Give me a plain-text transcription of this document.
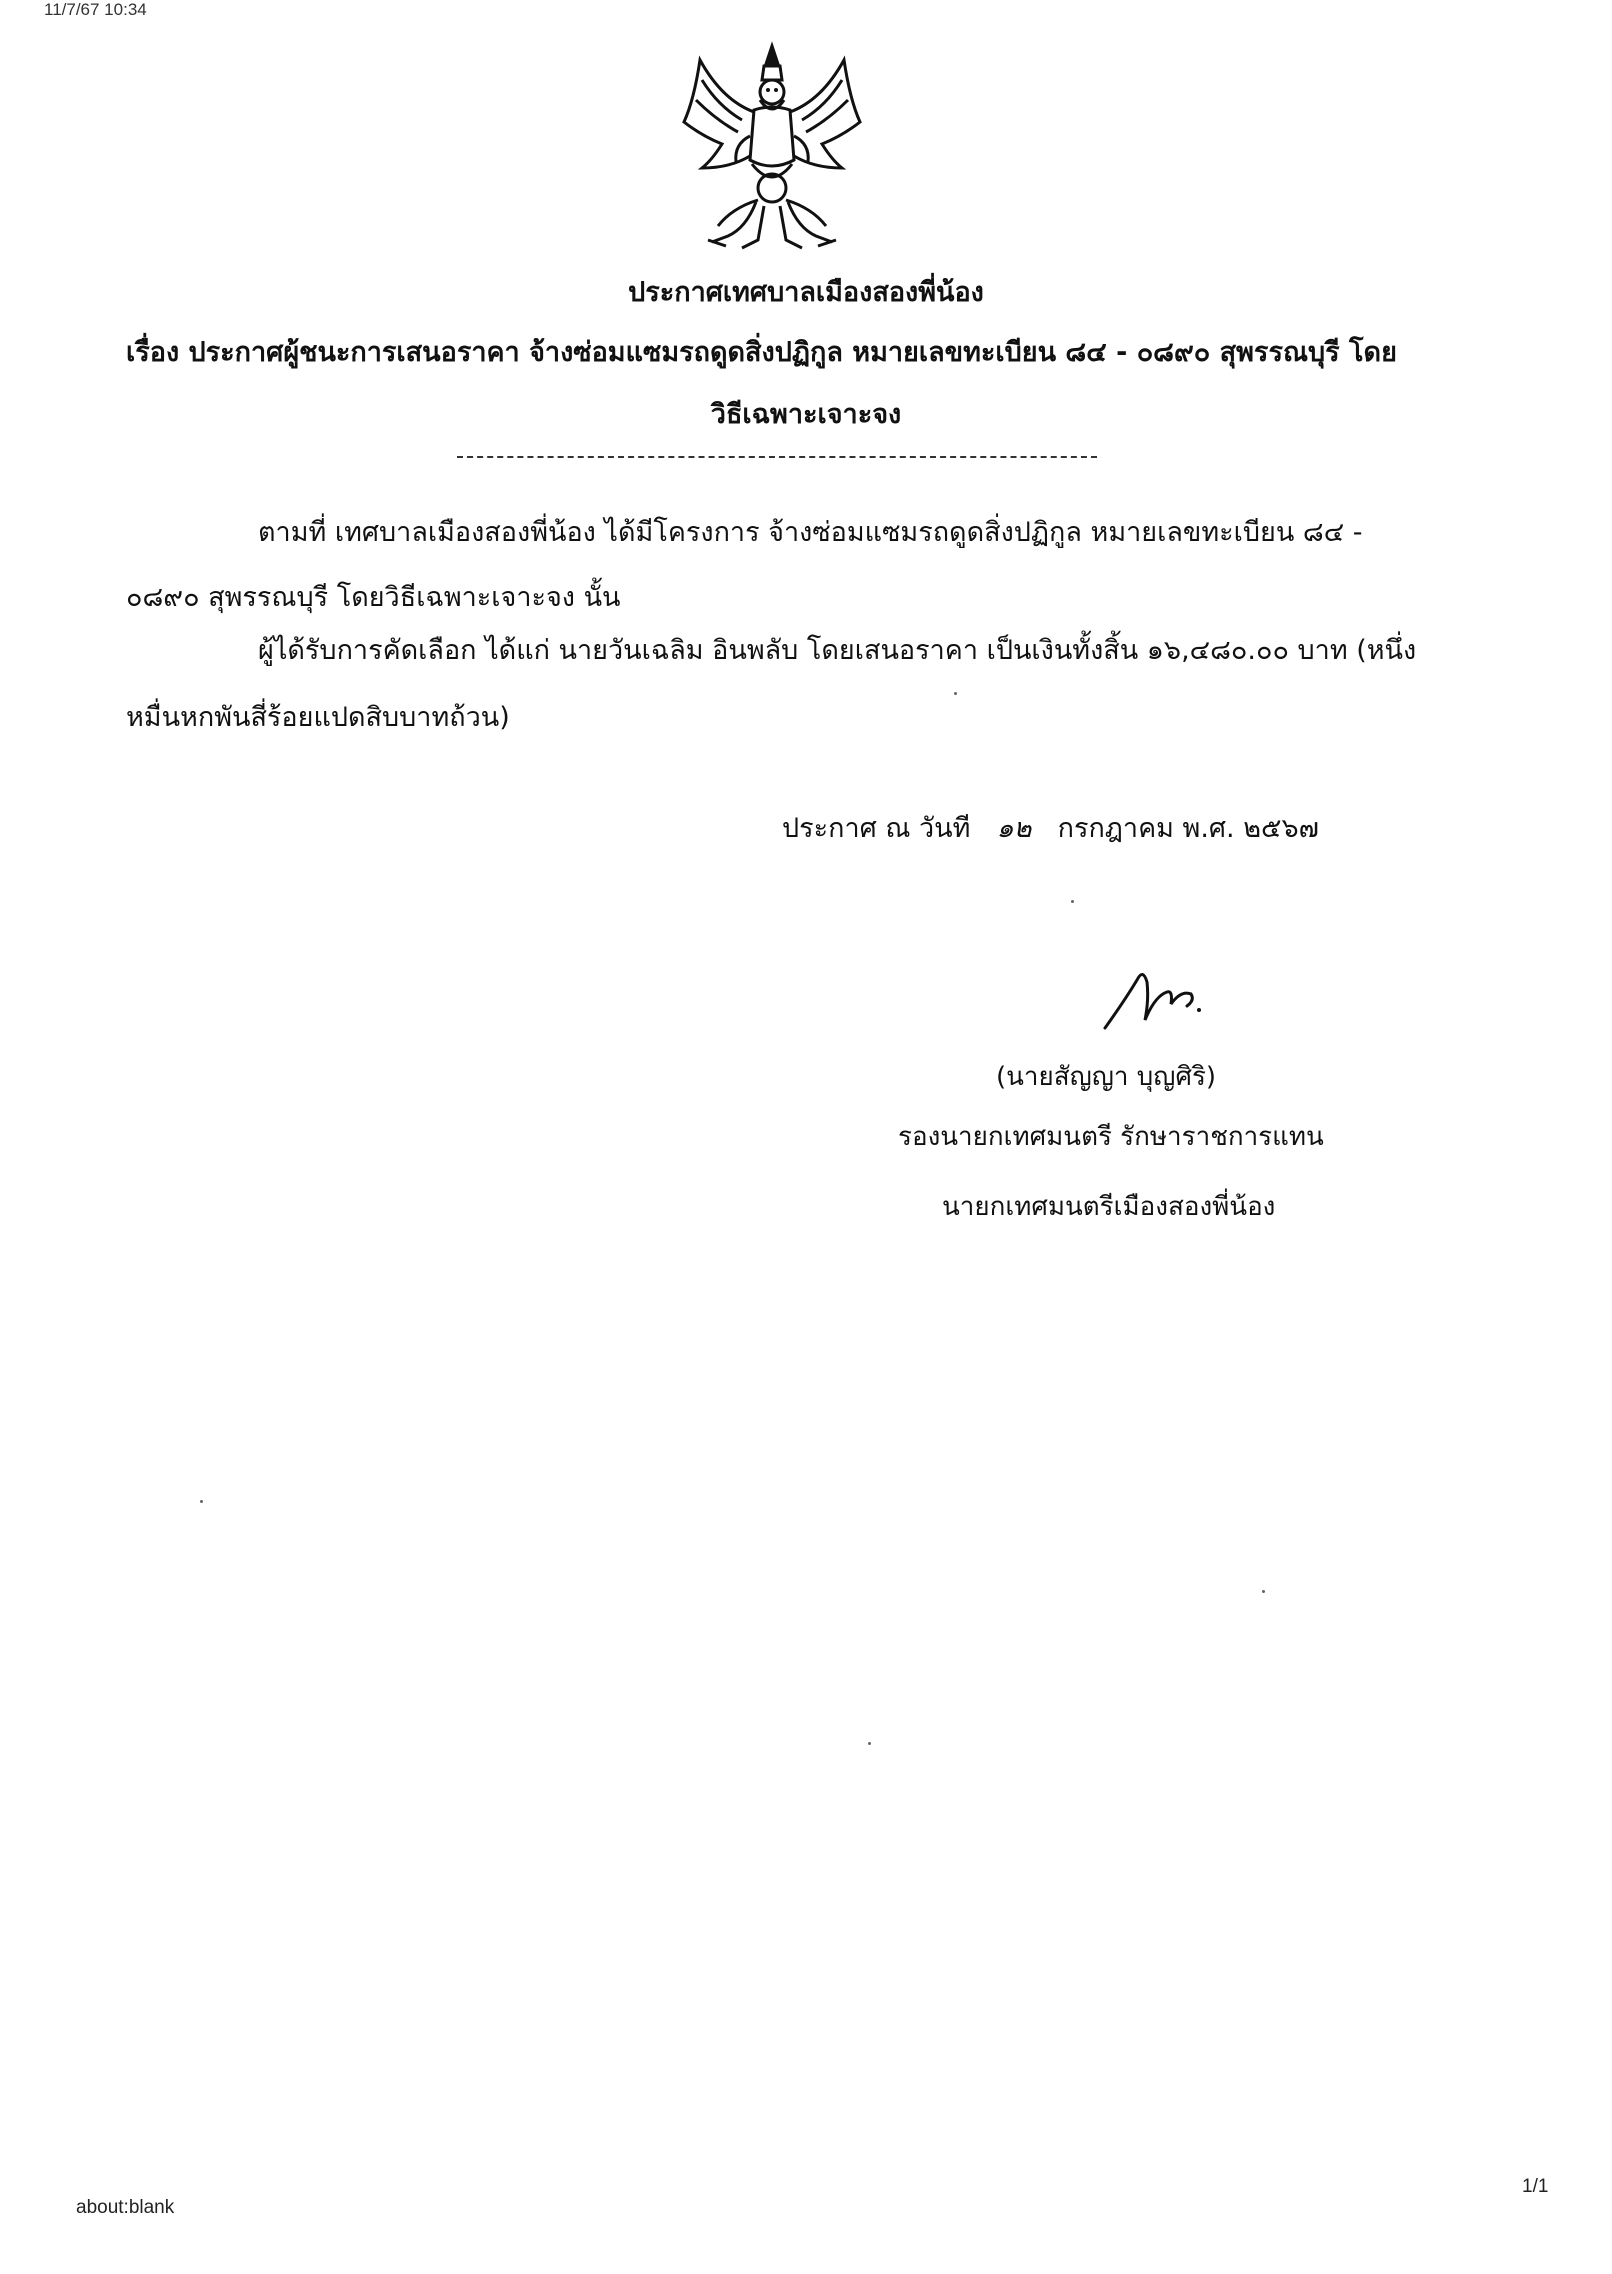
11/7/67 10:34
ประกาศเทศบาลเมืองสองพี่น้อง
เรื่อง ประกาศผู้ชนะการเสนอราคา จ้างซ่อมแซมรถดูดสิ่งปฏิกูล หมายเลขทะเบียน ๘๔ - ๐๘๙๐ สุพรรณบุรี โดย
วิธีเฉพาะเจาะจง
ตามที่ เทศบาลเมืองสองพี่น้อง ได้มีโครงการ จ้างซ่อมแซมรถดูดสิ่งปฏิกูล หมายเลขทะเบียน ๘๔ -
๐๘๙๐ สุพรรณบุรี โดยวิธีเฉพาะเจาะจง นั้น
ผู้ได้รับการคัดเลือก ได้แก่ นายวันเฉลิม อินพลับ โดยเสนอราคา เป็นเงินทั้งสิ้น ๑๖,๔๘๐.๐๐ บาท (หนึ่ง
หมื่นหกพันสี่ร้อยแปดสิบบาทถ้วน)
ประกาศ ณ วันที ๑๒ กรกฎาคม พ.ศ. ๒๕๖๗
(นายสัญญา บุญศิริ)
รองนายกเทศมนตรี รักษาราชการแทน
นายกเทศมนตรีเมืองสองพี่น้อง
about:blank
1/1
